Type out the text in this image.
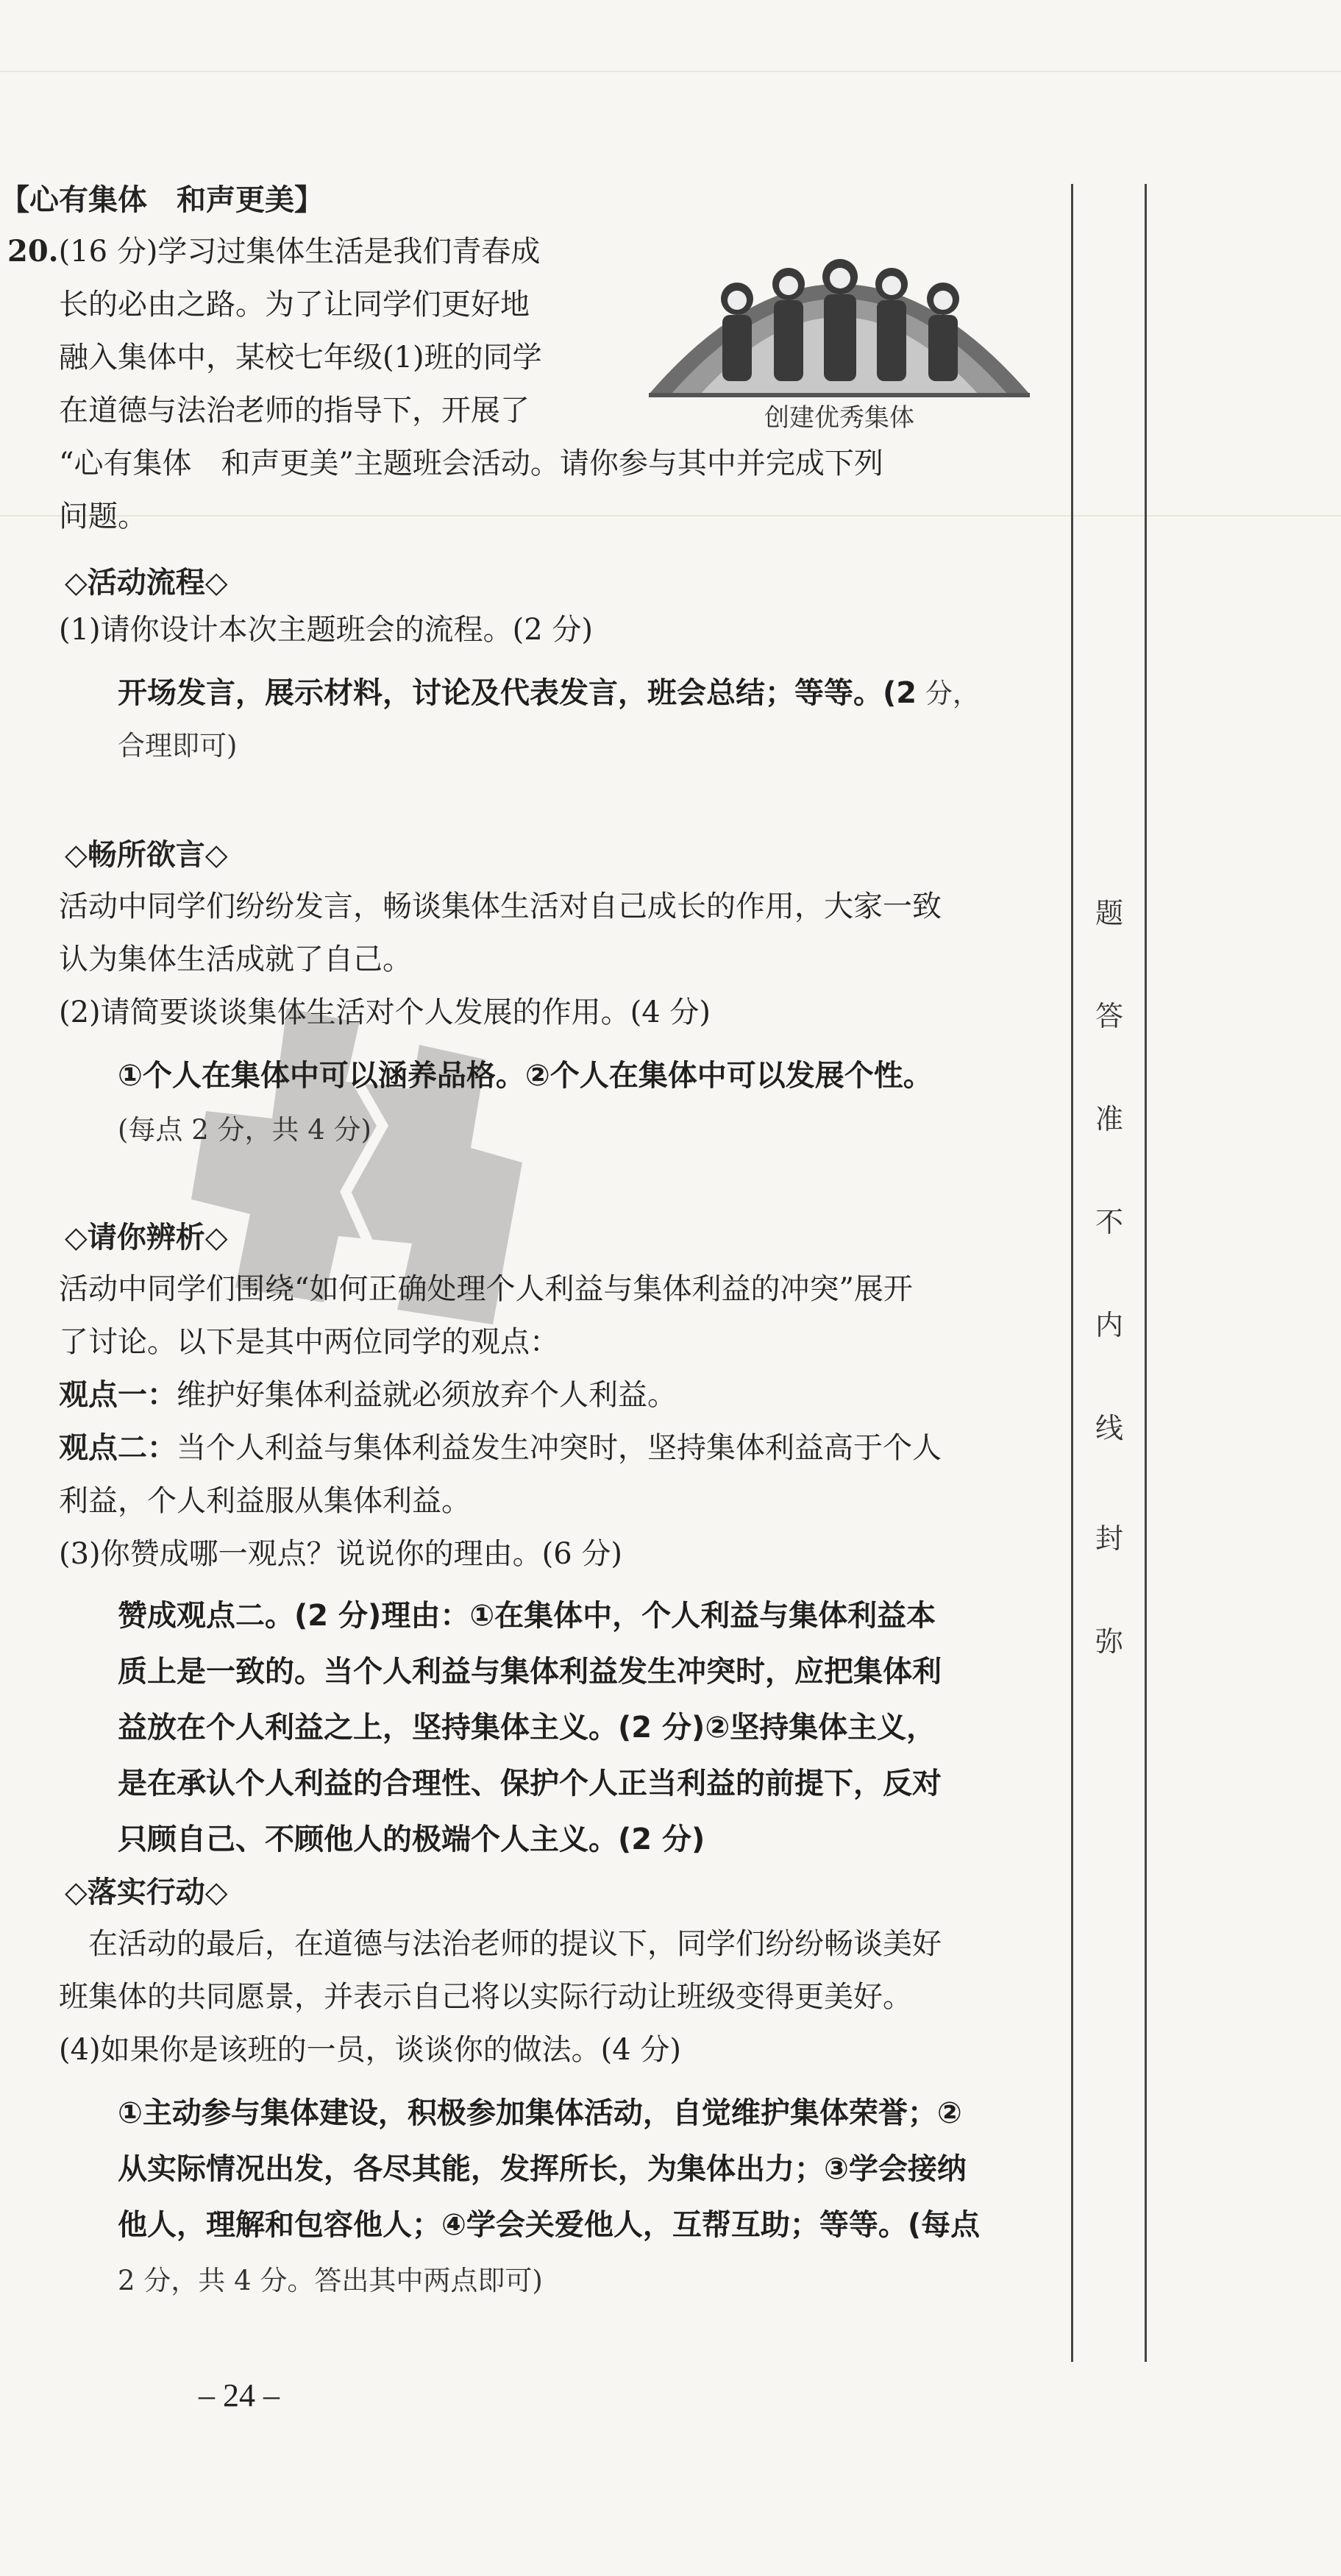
创建优秀集体
【心有集体　和声更美】
20.(16 分)学习过集体生活是我们青春成
长的必由之路。为了让同学们更好地
融入集体中，某校七年级(1)班的同学
在道德与法治老师的指导下，开展了
“心有集体　和声更美”主题班会活动。请你参与其中并完成下列
问题。
◇活动流程◇
(1)请你设计本次主题班会的流程。(2 分)
开场发言，展示材料，讨论及代表发言，班会总结；等等。(2 分，
合理即可)
◇畅所欲言◇
活动中同学们纷纷发言，畅谈集体生活对自己成长的作用，大家一致
认为集体生活成就了自己。
(2)请简要谈谈集体生活对个人发展的作用。(4 分)
①个人在集体中可以涵养品格。②个人在集体中可以发展个性。
(每点 2 分，共 4 分)
◇请你辨析◇
活动中同学们围绕“如何正确处理个人利益与集体利益的冲突”展开
了讨论。以下是其中两位同学的观点：
观点一：维护好集体利益就必须放弃个人利益。
观点二：当个人利益与集体利益发生冲突时，坚持集体利益高于个人
利益，个人利益服从集体利益。
(3)你赞成哪一观点？说说你的理由。(6 分)
赞成观点二。(2 分)理由：①在集体中，个人利益与集体利益本
质上是一致的。当个人利益与集体利益发生冲突时，应把集体利
益放在个人利益之上，坚持集体主义。(2 分)②坚持集体主义，
是在承认个人利益的合理性、保护个人正当利益的前提下，反对
只顾自己、不顾他人的极端个人主义。(2 分)
◇落实行动◇
在活动的最后，在道德与法治老师的提议下，同学们纷纷畅谈美好
班集体的共同愿景，并表示自己将以实际行动让班级变得更美好。
(4)如果你是该班的一员，谈谈你的做法。(4 分)
①主动参与集体建设，积极参加集体活动，自觉维护集体荣誉；②
从实际情况出发，各尽其能，发挥所长，为集体出力；③学会接纳
他人，理解和包容他人；④学会关爱他人，互帮互助；等等。(每点
2 分，共 4 分。答出其中两点即可)
题
答
准
不
内
线
封
弥
– 24 –
